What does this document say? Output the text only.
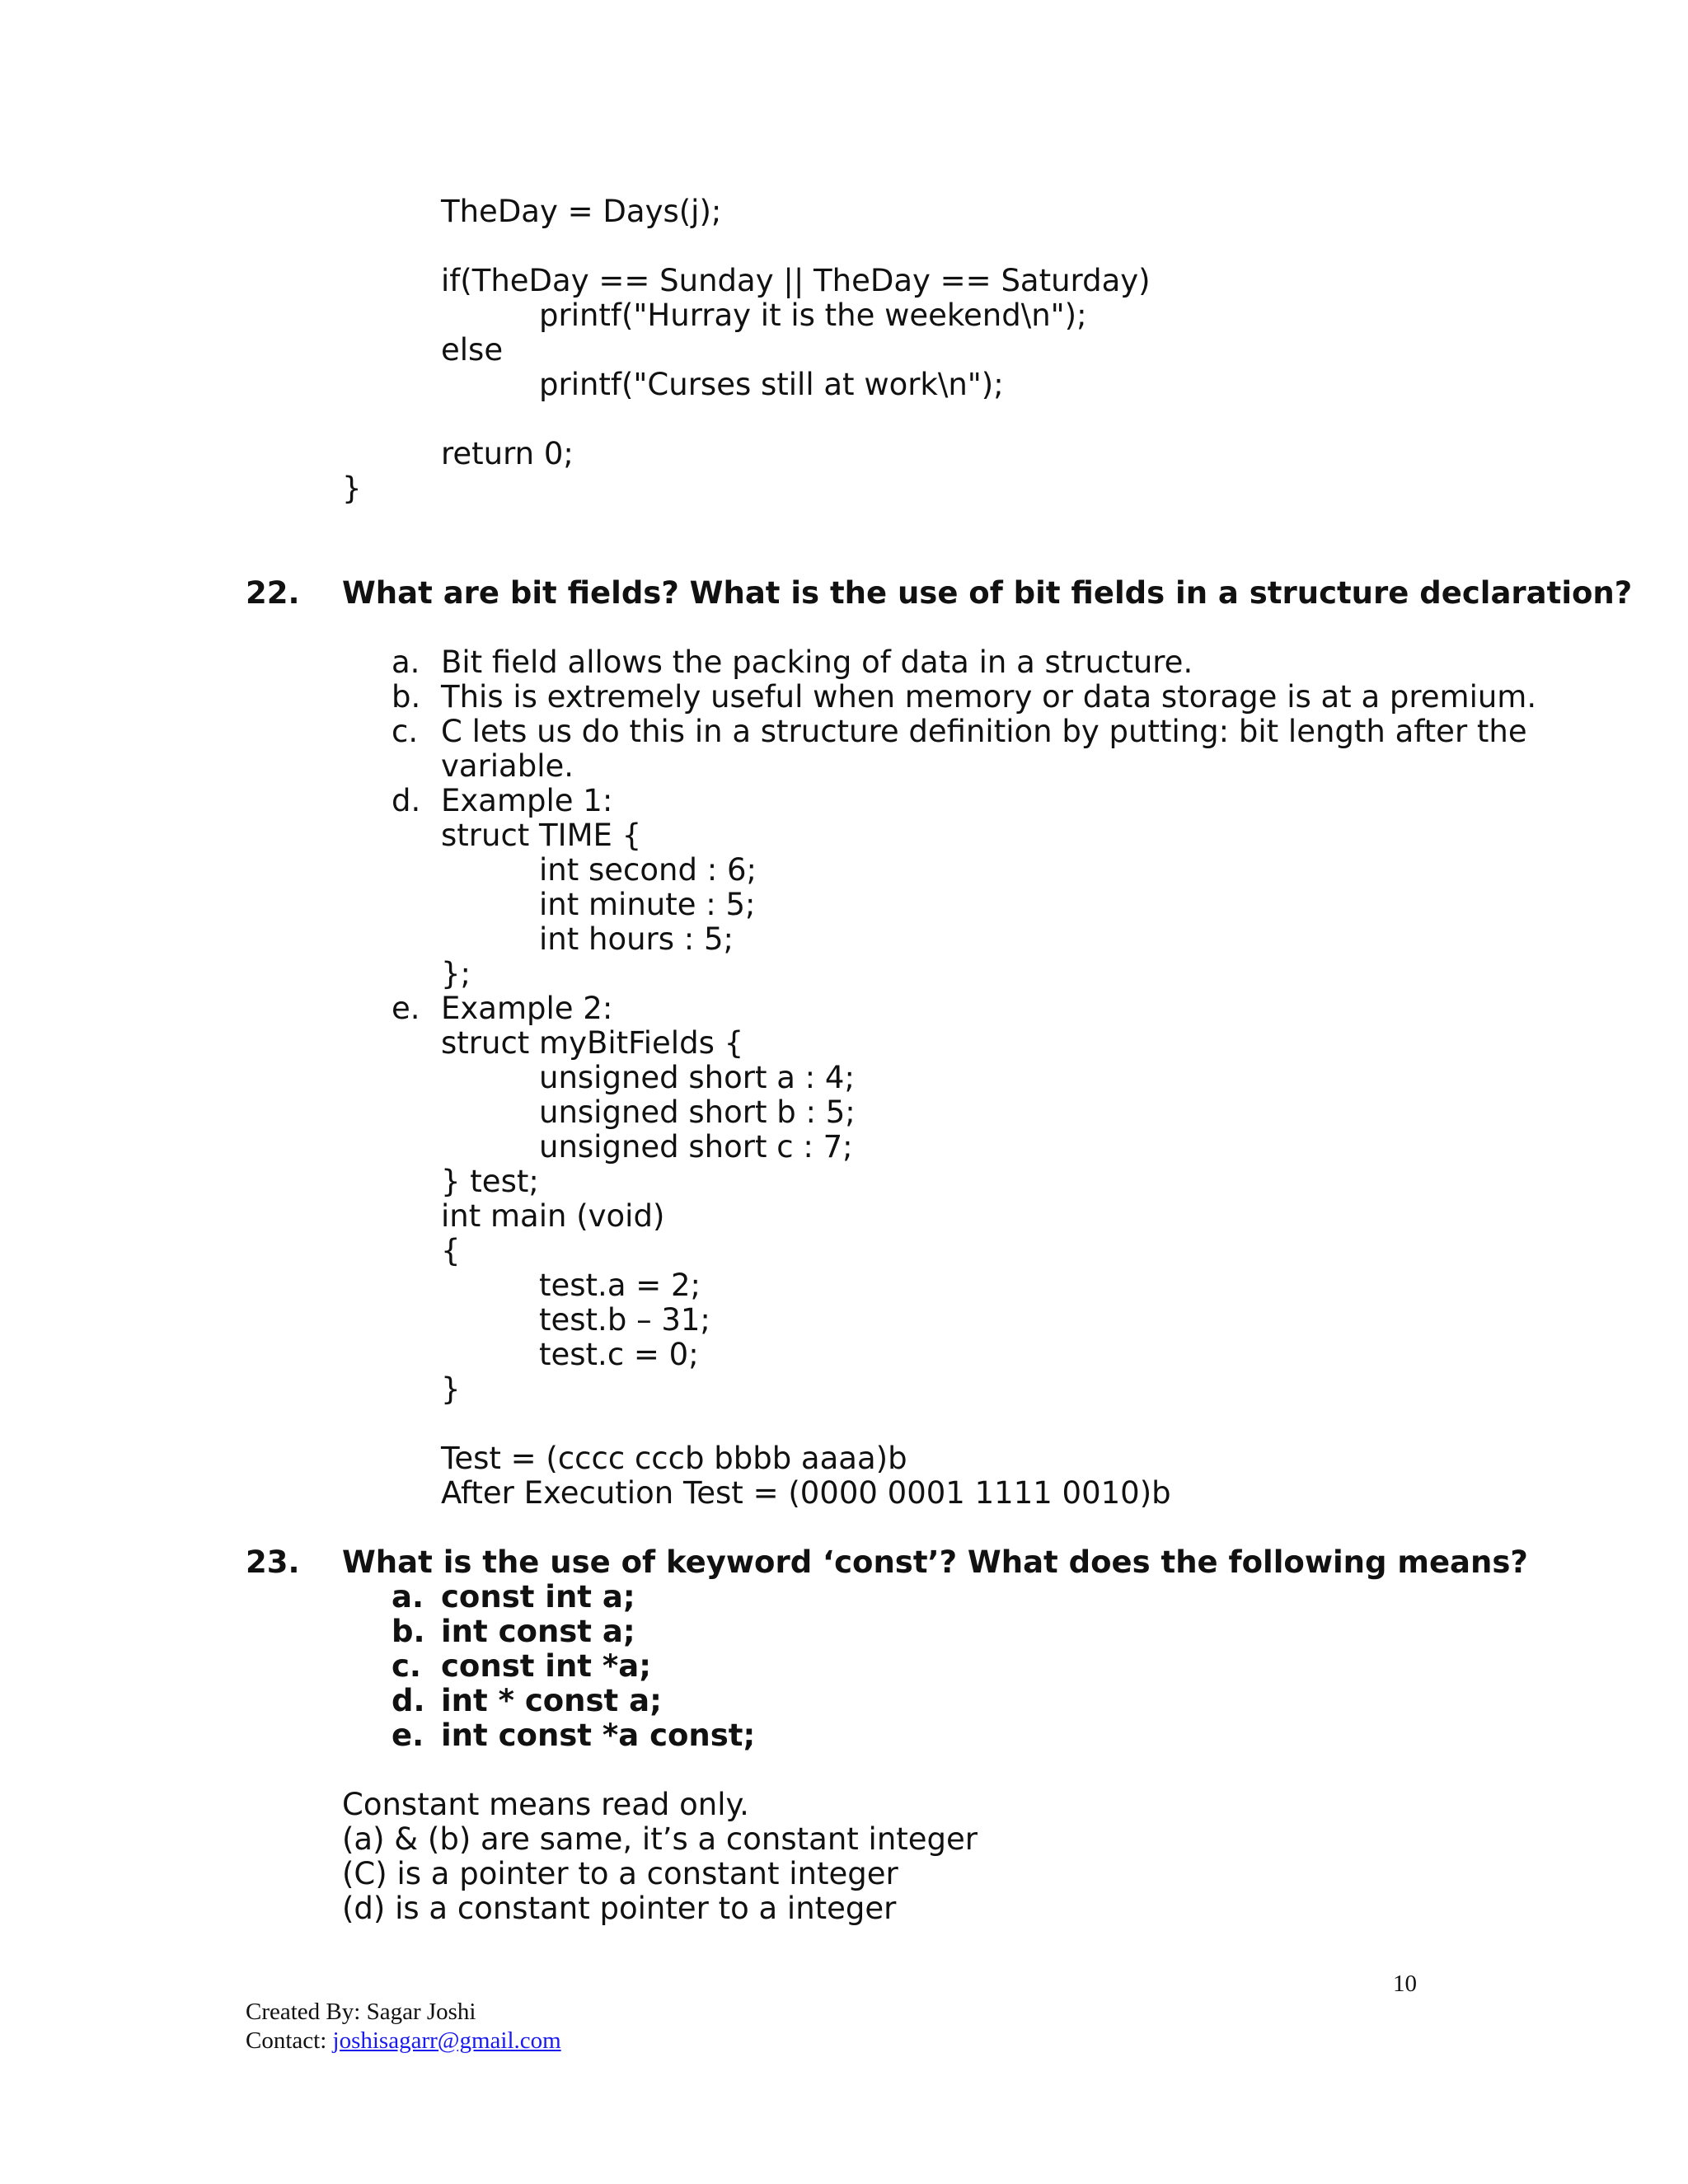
TheDay = Days(j);
if(TheDay == Sunday || TheDay == Saturday)
printf("Hurray it is the weekend\n");
else
printf("Curses still at work\n");
return 0;
}
22. What are bit fields? What is the use of bit fields in a structure declaration?
a. Bit field allows the packing of data in a structure.
b. This is extremely useful when memory or data storage is at a premium.
c. C lets us do this in a structure definition by putting: bit length after the
variable.
d. Example 1:
struct TIME {
int second : 6;
int minute : 5;
int hours : 5;
};
e. Example 2:
struct myBitFields {
unsigned short a : 4;
unsigned short b : 5;
unsigned short c : 7;
} test;
int main (void)
{
test.a = 2;
test.b – 31;
test.c = 0;
}
Test = (cccc cccb bbbb aaaa)b
After Execution Test = (0000 0001 1111 0010)b
23. What is the use of keyword ‘const’? What does the following means?
a. const int a;
b. int const a;
c. const int *a;
d. int * const a;
e. int const *a const;
Constant means read only.
(a) & (b) are same, it’s a constant integer
(C) is a pointer to a constant integer
(d) is a constant pointer to a integer
10
Created By: Sagar Joshi
Contact: joshisagarr@gmail.com
